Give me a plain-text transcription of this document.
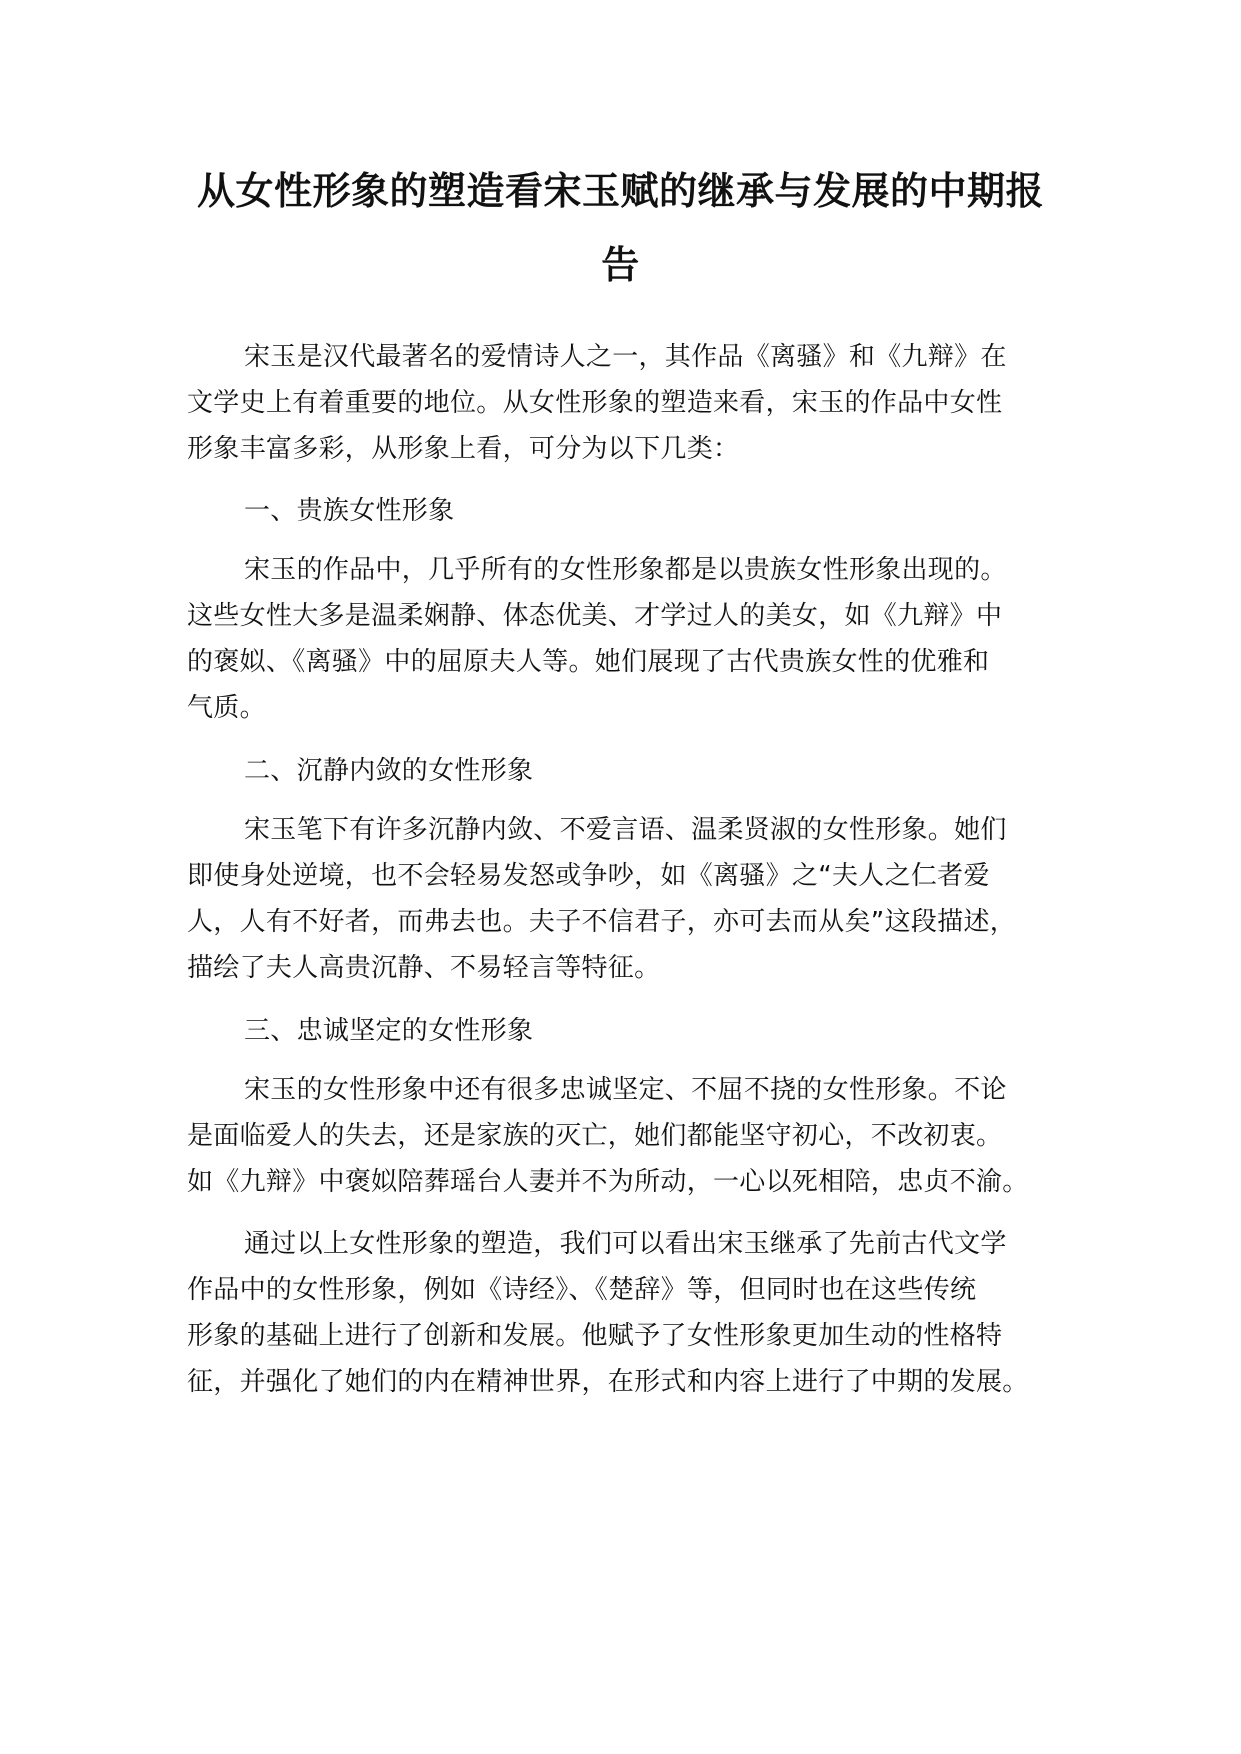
从女性形象的塑造看宋玉赋的继承与发展的中期报
告
宋玉是汉代最著名的爱情诗人之一，其作品《离骚》和《九辩》在
文学史上有着重要的地位。从女性形象的塑造来看，宋玉的作品中女性
形象丰富多彩，从形象上看，可分为以下几类：
一、贵族女性形象
宋玉的作品中，几乎所有的女性形象都是以贵族女性形象出现的。
这些女性大多是温柔娴静、体态优美、才学过人的美女，如《九辩》中
的褒姒、《离骚》中的屈原夫人等。她们展现了古代贵族女性的优雅和
气质。
二、沉静内敛的女性形象
宋玉笔下有许多沉静内敛、不爱言语、温柔贤淑的女性形象。她们
即使身处逆境，也不会轻易发怒或争吵，如《离骚》之“夫人之仁者爱
人，人有不好者，而弗去也。夫子不信君子，亦可去而从矣”这段描述，
描绘了夫人高贵沉静、不易轻言等特征。
三、忠诚坚定的女性形象
宋玉的女性形象中还有很多忠诚坚定、不屈不挠的女性形象。不论
是面临爱人的失去，还是家族的灭亡，她们都能坚守初心，不改初衷。
如《九辩》中褒姒陪葬瑶台人妻并不为所动，一心以死相陪，忠贞不渝。
通过以上女性形象的塑造，我们可以看出宋玉继承了先前古代文学
作品中的女性形象，例如《诗经》、《楚辞》等，但同时也在这些传统
形象的基础上进行了创新和发展。他赋予了女性形象更加生动的性格特
征，并强化了她们的内在精神世界，在形式和内容上进行了中期的发展。
